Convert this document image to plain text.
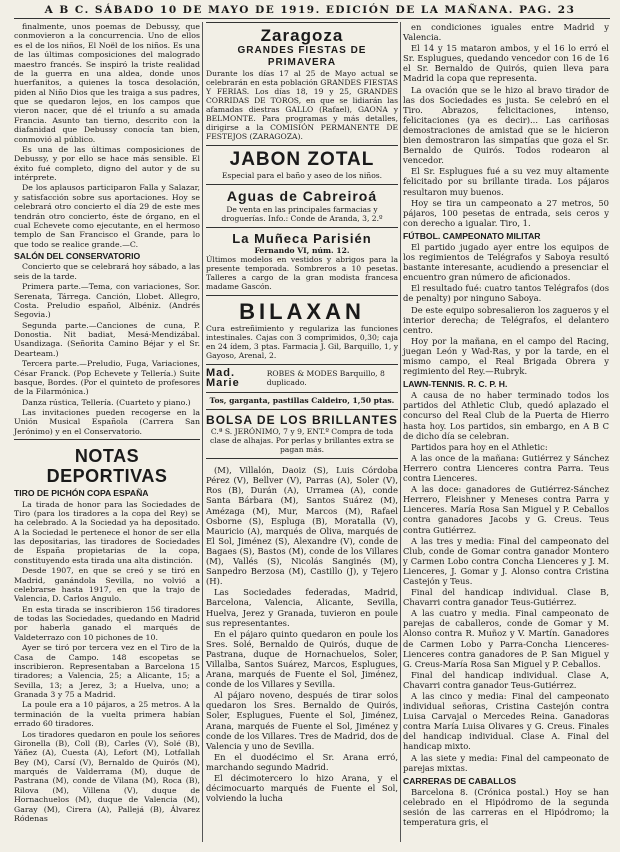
A B C. SÁBADO 10 DE MAYO DE 1919. EDICIÓN DE LA MAÑANA. PAG. 23

finalmente, unos poemas de Debussy, que conmovieron a la concurrencia. Uno de ellos es el de los niños, El Noël de los niños. Es una de las últimas composiciones del malogrado maestro francés. Se inspiró la triste realidad de la guerra en una aldea, donde unos huerfanitos, a quienes la tosca desolación, piden al Niño Dios que les traiga a sus padres, que se quedaron lejos, en los campos que vieron nacer, que dé el triunfo a su amada Francia. Asunto tan tierno, descrito con la diafanidad que Debussy conocía tan bien, conmovió al público.

Es una de las últimas composiciones de Debussy, y por ello se hace más sensible. El éxito fué completo, digno del autor y de su intérprete.

De los aplausos participaron Falla y Salazar, y satisfacción sobre sus aportaciones. Hoy se celebrará otro concierto el día 29 de este mes tendrán otro concierto, éste de órgano, en el cual Echevete como ejecutante, en el hermoso templo de San Francisco el Grande, para lo que todo se realice grande.—C.

SALÓN DEL CONSERVATORIO

Concierto que se celebrará hoy sábado, a las seis de la tarde.

Primera parte.—Tema, con variaciones, Sor. Serenata, Tárrega. Canción, Llobet. Allegro, Costa. Preludio español, Albéniz. (Andrés Segovia.)

Segunda parte.—Canciones de cuna, P. Donostia. Nit badiat, Mesá-Mendizábal. Usandizaga. (Señorita Camino Béjar y el Sr. Dearteam.)

Tercera parte.—Preludio, Fuga, Variaciones, César Franck. (Pop Echevete y Tellería.) Suite basque, Bordes. (Por el quinteto de profesores de la Filarmónica.)

Danza rústica, Tellería. (Cuarteto y piano.)

Las invitaciones pueden recogerse en la Unión Musical Española (Carrera San Jerónimo) y en el Conservatorio.

NOTAS DEPORTIVAS
TIRO DE PICHÓN COPA ESPAÑA

La tirada de honor para las Sociedades de Tiro (para los tiradores a la copa del Rey) se ha celebrado. A la Sociedad ya ha depositado. A la Sociedad le pertenece el honor de ser ella las depositarias, las tiradores de Sociedades de España propietarias de la copa, constituyendo esta tirada una alta distinción.

Desde 1907, en que se creó y se tiró en Madrid, ganándola Sevilla, no volvió a celebrarse hasta 1917, en que la trajo de Valencia, D. Carlos Angulo.

En esta tirada se inscribieron 156 tiradores de todas las Sociedades, quedando en Madrid por haberla ganado el marqués de Valdeterrazo con 10 pichones de 10.

Ayer se tiró por tercera vez en el Tiro de la Casa de Campo. 148 escopetas se inscribieron. Representaban a Barcelona 15 tiradores; a Valencia, 25; a Alicante, 15; a Sevilla, 13; a Jerez, 3; a Huelva, uno; a Granada 3 y 75 a Madrid.

La poule era a 10 pájaros, a 25 metros. A la terminación de la vuelta primera habían errado 60 tiradores.

Los tiradores quedaron en poule los señores Gironella (B), Coll (B), Carles (V), Solé (B), Yáñez (A), Cuesta (A), Lefort (M), Lotfallah Bey (M), Carsí (V), Bernaldo de Quirós (M), marqués de Valderrama (M), duque de Pastrana (M), conde de Vilana (M), Roca (B), Rilova (M), Villena (V), duque de Hornachuelos (M), duque de Valencia (M), Garay (M), Cirera (A), Pallejá (B), Álvarez Ródenas

Zaragoza
GRANDES FIESTAS DE PRIMAVERA
Durante los días 17 al 25 de Mayo actual se celebrarán en esta población GRANDES FIESTAS Y FERIAS. Los días 18, 19 y 25, GRANDES CORRIDAS DE TOROS, en que se lidiarán las afamadas diestras GALLO (Rafael), GAONA y BELMONTE. Para programas y más detalles, dirigirse a la COMISIÓN PERMANENTE DE FESTEJOS (ZARAGOZA).
JABON ZOTAL
Especial para el baño y aseo de los niños.
Aguas de Cabreiroá
De venta en las principales farmacias y droguerías. Info.: Conde de Aranda, 3, 2.º
La Muñeca Parisién
Fernando VI, núm. 12.
Últimos modelos en vestidos y abrigos para la presente temporada. Sombreros a 10 pesetas. Talleres a cargo de la gran modista francesa madame Gascón.
BILAXAN
Cura estreñimiento y regulariza las funciones intestinales. Cajas con 3 comprimidos, 0,30; caja en 24 ídem, 3 ptas. Farmacia J. Gil, Barquillo, 1, y Gayoso, Arenal, 2.
Mad. Marie
ROBES & MODES Barquillo, 8 duplicado.
Tos, garganta, pastillas Caldeiro, 1,50 ptas.
BOLSA DE LOS BRILLANTES
C.ª S. JERÓNIMO, 7 y 9, ENT.º Compra de toda clase de alhajas. Por perlas y brillantes extra se pagan más.

(M), Villalón, Daoiz (S), Luis Córdoba Pérez (V), Bellver (V), Parras (A), Soler (V), Ros (B), Durán (A), Urramea (A), conde Santa Bárbara (M), Santos Suárez (M), Amézaga (M), Mur, Marcos (M), Rafael Osborne (S), Espluga (B), Moratalla (V), Mauricio (A), marqués de Oliva, marqués de El Sol, Jiménez (S), Alexandre (V), conde de Bagaes (S), Bastos (M), conde de los Villares (M), Vallés (S), Nicolás Sanginés (M), Sanpedro Berzosa (M), Castillo (J), y Tejero (H).

Las Sociedades federadas, Madrid, Barcelona, Valencia, Alicante, Sevilla, Huelva, Jerez y Granada, tuvieron en poule sus representantes.

En el pájaro quinto quedaron en poule los Sres. Solé, Bernaldo de Quirós, duque de Pastrana, duque de Hornachuelos, Soler, Villalba, Santos Suárez, Marcos, Esplugues, Arana, marqués de Fuente el Sol, Jiménez, conde de los Villares y Sevilla.

Al pájaro noveno, después de tirar solos quedaron los Sres. Bernaldo de Quirós, Soler, Esplugues, Fuente el Sol, Jiménez, Arana, marqués de Fuente el Sol, Jiménez y conde de los Villares. Tres de Madrid, dos de Valencia y uno de Sevilla.

En el duodécimo el Sr. Arana erró, marchando segundo Madrid.

El décimotercero lo hizo Arana, y el décimocuarto marqués de Fuente el Sol, volviendo la lucha

en condiciones iguales entre Madrid y Valencia.

El 14 y 15 mataron ambos, y el 16 lo erró el Sr. Esplugues, quedando vencedor con 16 de 16 el Sr. Bernaldo de Quirós, quien lleva para Madrid la copa que representa.

La ovación que se le hizo al bravo tirador de las dos Sociedades es justa. Se celebró en el Tiro. Abrazos, felicitaciones, intenso, felicitaciones (ya es decir)... Las cariñosas demostraciones de amistad que se le hicieron bien demostraron las simpatías que goza el Sr. Bernaldo de Quirós. Todos rodearon al vencedor.

El Sr. Esplugues fué a su vez muy altamente felicitado por su brillante tirada. Los pájaros resultaron muy buenos.

Hoy se tira un campeonato a 27 metros, 50 pájaros, 100 pesetas de entrada, seis ceros y con derecho a igualar. Tiro, 1.

FÚTBOL. CAMPEONATO MILITAR

El partido jugado ayer entre los equipos de los regimientos de Telégrafos y Saboya resultó bastante interesante, acudiendo a presenciar el encuentro gran número de aficionados.

El resultado fué: cuatro tantos Telégrafos (dos de penalty) por ninguno Saboya.

De este equipo sobresalieron los zagueros y el interior derecha; de Telégrafos, el delantero centro.

Hoy por la mañana, en el campo del Racing, juegan León y Wad-Ras, y por la tarde, en el mismo campo, el Real Brigada Obrera y regimiento del Rey.—Rubryk.

LAWN-TENNIS. R. C. P. H.

A causa de no haber terminado todos los partidos del Athletic Club, quedó aplazado el concurso del Real Club de la Puerta de Hierro hasta hoy. Los partidos, sin embargo, en A B C de dicho día se celebran.

Partidos para hoy en el Athletic:

A las once de la mañana: Gutiérrez y Sánchez Herrero contra Lienceres contra Parra. Teus contra Lienceres.

A las doce: ganadores de Gutiérrez-Sánchez Herrero, Fleishner y Meneses contra Parra y Lienceres. María Rosa San Miguel y P. Ceballos contra ganadores Jacobs y G. Creus. Teus contra Gutiérrez.

A las tres y media: Final del campeonato del Club, conde de Gomar contra ganador Montero y Carmen Lobo contra Concha Lienceres y J. M. Lienceres, J. Gomar y J. Alonso contra Cristina Castejón y Teus.

Final del handicap individual. Clase B, Chavarri contra ganador Teus-Gutiérrez.

A las cuatro y media. Final campeonato de parejas de caballeros, conde de Gomar y M. Alonso contra R. Muñoz y V. Martín. Ganadores de Carmen Lobo y Parra-Concha Lienceres-Lienceres contra ganadores de P. San Miguel y G. Creus-María Rosa San Miguel y P. Ceballos.

Final del handicap individual. Clase A, Chavarri contra ganador Teus-Gutiérrez.

A las cinco y media: Final del campeonato individual señoras, Cristina Castejón contra Luisa Carvajal o Mercedes Reina. Ganadoras contra María Luisa Olivares y G. Creus. Finales del handicap individual. Clase A. Final del handicap mixto.

A las siete y media: Final del campeonato de parejas mixtas.

CARRERAS DE CABALLOS

Barcelona 8. (Crónica postal.) Hoy se han celebrado en el Hipódromo de la segunda sesión de las carreras en el Hipódromo; la temperatura gris, el
